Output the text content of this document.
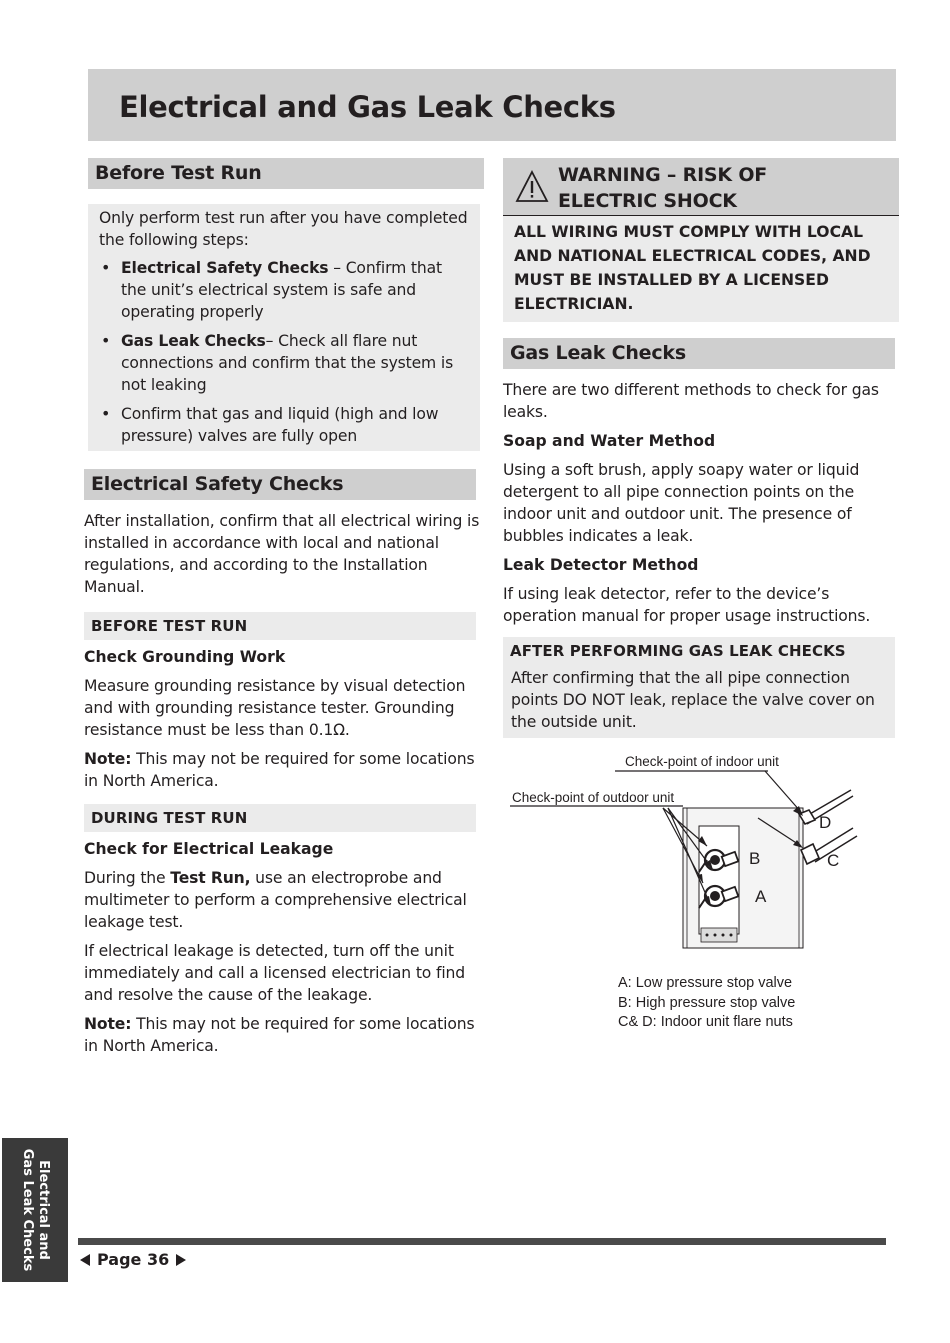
Electrical and Gas Leak Checks
Before Test Run

Only perform test run after you have completed the following steps:

• Electrical Safety Checks – Confirm that the unit’s electrical system is safe and operating properly
• Gas Leak Checks– Check all flare nut connections and confirm that the system is not leaking
• Confirm that gas and liquid (high and low pressure) valves are fully open
Electrical Safety Checks

After installation, confirm that all electrical wiring is installed in accordance with local and national regulations, and according to the Installation Manual.

BEFORE TEST RUN
Check Grounding Work

Measure grounding resistance by visual detection and with grounding resistance tester. Grounding resistance must be less than 0.1Ω.

Note: This may not be required for some locations in North America.

DURING TEST RUN
Check for Electrical Leakage

During the Test Run, use an electroprobe and multimeter to perform a comprehensive electrical leakage test.

If electrical leakage is detected, turn off the unit immediately and call a licensed electrician to find and resolve the cause of the leakage.

Note: This may not be required for some locations in North America.

WARNING – RISK OF
ELECTRIC SHOCK
ALL WIRING MUST COMPLY WITH LOCAL AND NATIONAL ELECTRICAL CODES, AND MUST BE INSTALLED BY A LICENSED ELECTRICIAN.
Gas Leak Checks

There are two different methods to check for gas leaks.

Soap and Water Method

Using a soft brush, apply soapy water or liquid detergent to all pipe connection points on the indoor unit and outdoor unit. The presence of bubbles indicates a leak.

Leak Detector Method

If using leak detector, refer to the device’s operation manual for proper usage instructions.

AFTER PERFORMING GAS LEAK CHECKS

After confirming that the all pipe connection points DO NOT leak, replace the valve cover on the outside unit.

Check-point of indoor unit
Check-point of outdoor unit
D
C
B
A
A: Low pressure stop valve
B: High pressure stop valve
C& D: Indoor unit flare nuts
Electrical and
Gas Leak Checks	Page 36
